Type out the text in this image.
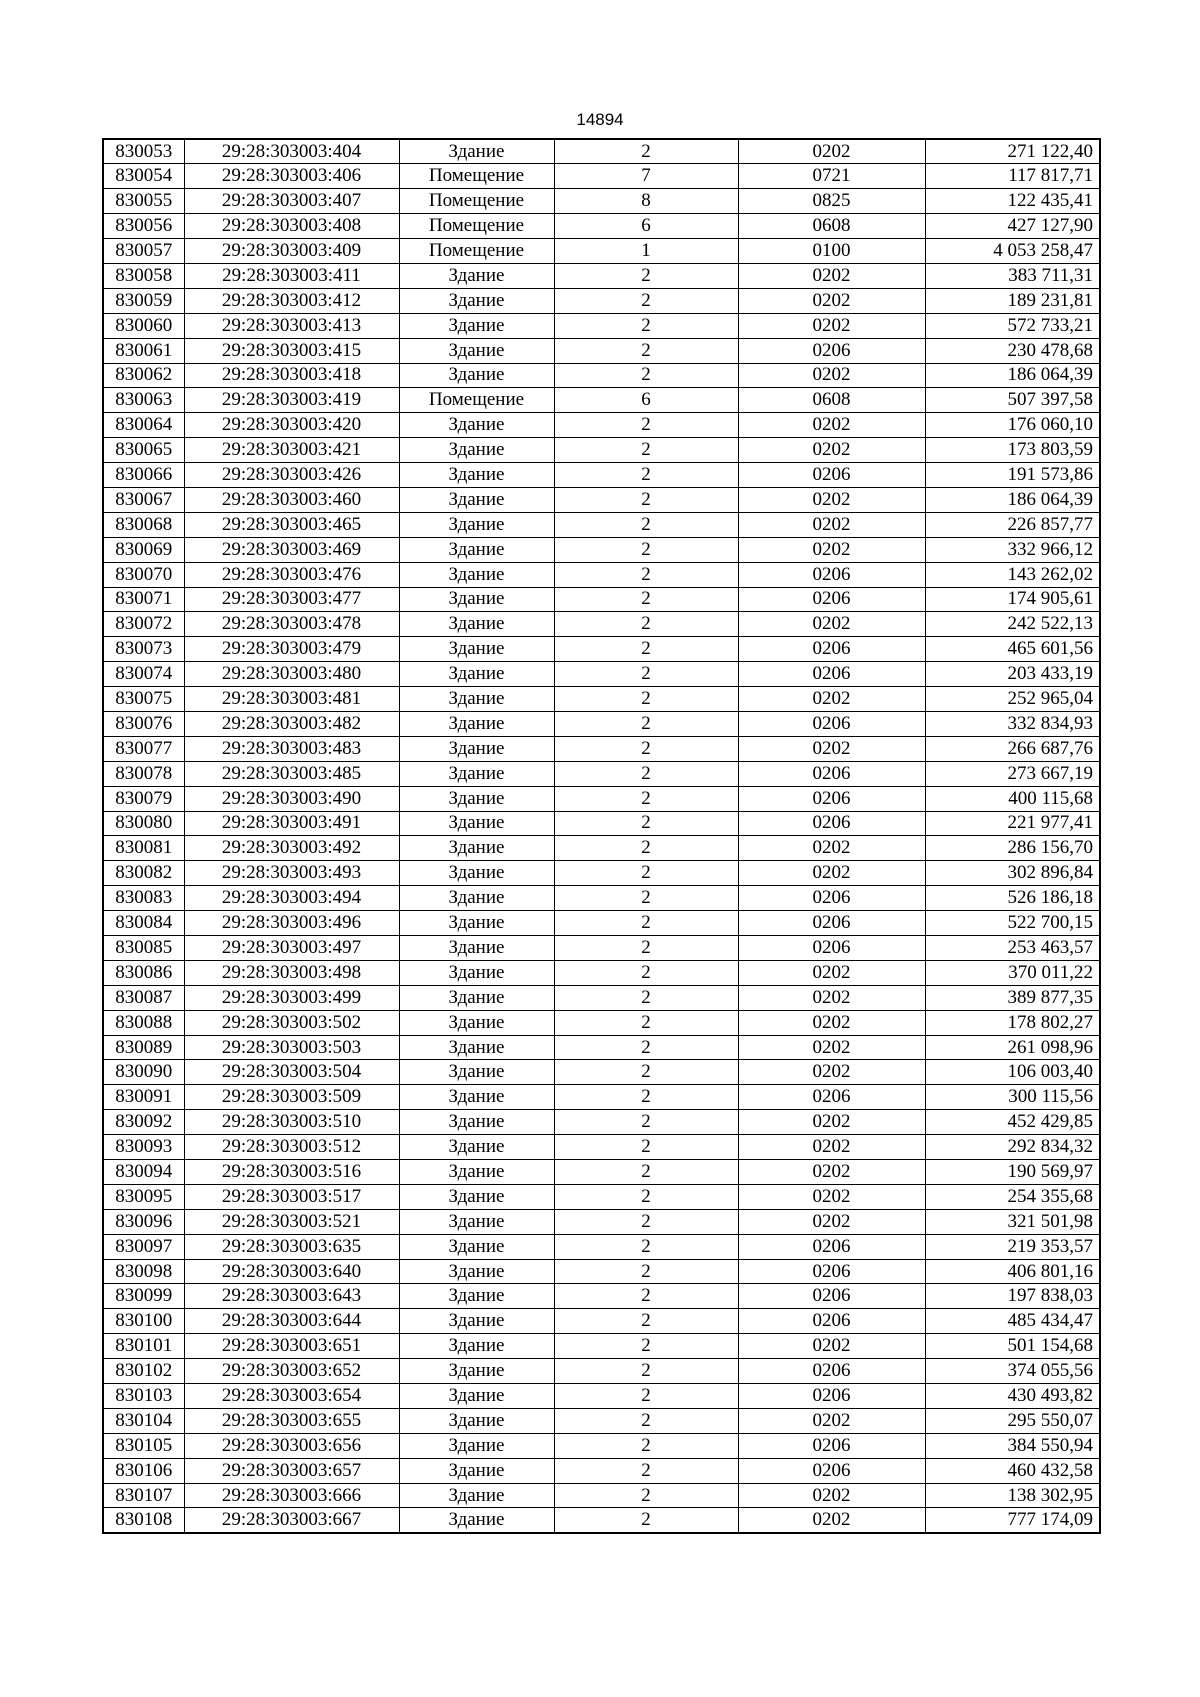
14894
830053	29:28:303003:404	Здание	2	0202	271 122,40
830054	29:28:303003:406	Помещение	7	0721	117 817,71
830055	29:28:303003:407	Помещение	8	0825	122 435,41
830056	29:28:303003:408	Помещение	6	0608	427 127,90
830057	29:28:303003:409	Помещение	1	0100	4 053 258,47
830058	29:28:303003:411	Здание	2	0202	383 711,31
830059	29:28:303003:412	Здание	2	0202	189 231,81
830060	29:28:303003:413	Здание	2	0202	572 733,21
830061	29:28:303003:415	Здание	2	0206	230 478,68
830062	29:28:303003:418	Здание	2	0202	186 064,39
830063	29:28:303003:419	Помещение	6	0608	507 397,58
830064	29:28:303003:420	Здание	2	0202	176 060,10
830065	29:28:303003:421	Здание	2	0202	173 803,59
830066	29:28:303003:426	Здание	2	0206	191 573,86
830067	29:28:303003:460	Здание	2	0202	186 064,39
830068	29:28:303003:465	Здание	2	0202	226 857,77
830069	29:28:303003:469	Здание	2	0202	332 966,12
830070	29:28:303003:476	Здание	2	0206	143 262,02
830071	29:28:303003:477	Здание	2	0206	174 905,61
830072	29:28:303003:478	Здание	2	0202	242 522,13
830073	29:28:303003:479	Здание	2	0206	465 601,56
830074	29:28:303003:480	Здание	2	0206	203 433,19
830075	29:28:303003:481	Здание	2	0202	252 965,04
830076	29:28:303003:482	Здание	2	0206	332 834,93
830077	29:28:303003:483	Здание	2	0202	266 687,76
830078	29:28:303003:485	Здание	2	0206	273 667,19
830079	29:28:303003:490	Здание	2	0206	400 115,68
830080	29:28:303003:491	Здание	2	0206	221 977,41
830081	29:28:303003:492	Здание	2	0202	286 156,70
830082	29:28:303003:493	Здание	2	0202	302 896,84
830083	29:28:303003:494	Здание	2	0206	526 186,18
830084	29:28:303003:496	Здание	2	0206	522 700,15
830085	29:28:303003:497	Здание	2	0206	253 463,57
830086	29:28:303003:498	Здание	2	0202	370 011,22
830087	29:28:303003:499	Здание	2	0202	389 877,35
830088	29:28:303003:502	Здание	2	0202	178 802,27
830089	29:28:303003:503	Здание	2	0202	261 098,96
830090	29:28:303003:504	Здание	2	0202	106 003,40
830091	29:28:303003:509	Здание	2	0206	300 115,56
830092	29:28:303003:510	Здание	2	0202	452 429,85
830093	29:28:303003:512	Здание	2	0202	292 834,32
830094	29:28:303003:516	Здание	2	0202	190 569,97
830095	29:28:303003:517	Здание	2	0202	254 355,68
830096	29:28:303003:521	Здание	2	0202	321 501,98
830097	29:28:303003:635	Здание	2	0206	219 353,57
830098	29:28:303003:640	Здание	2	0206	406 801,16
830099	29:28:303003:643	Здание	2	0206	197 838,03
830100	29:28:303003:644	Здание	2	0206	485 434,47
830101	29:28:303003:651	Здание	2	0202	501 154,68
830102	29:28:303003:652	Здание	2	0206	374 055,56
830103	29:28:303003:654	Здание	2	0206	430 493,82
830104	29:28:303003:655	Здание	2	0202	295 550,07
830105	29:28:303003:656	Здание	2	0206	384 550,94
830106	29:28:303003:657	Здание	2	0206	460 432,58
830107	29:28:303003:666	Здание	2	0202	138 302,95
830108	29:28:303003:667	Здание	2	0202	777 174,09
